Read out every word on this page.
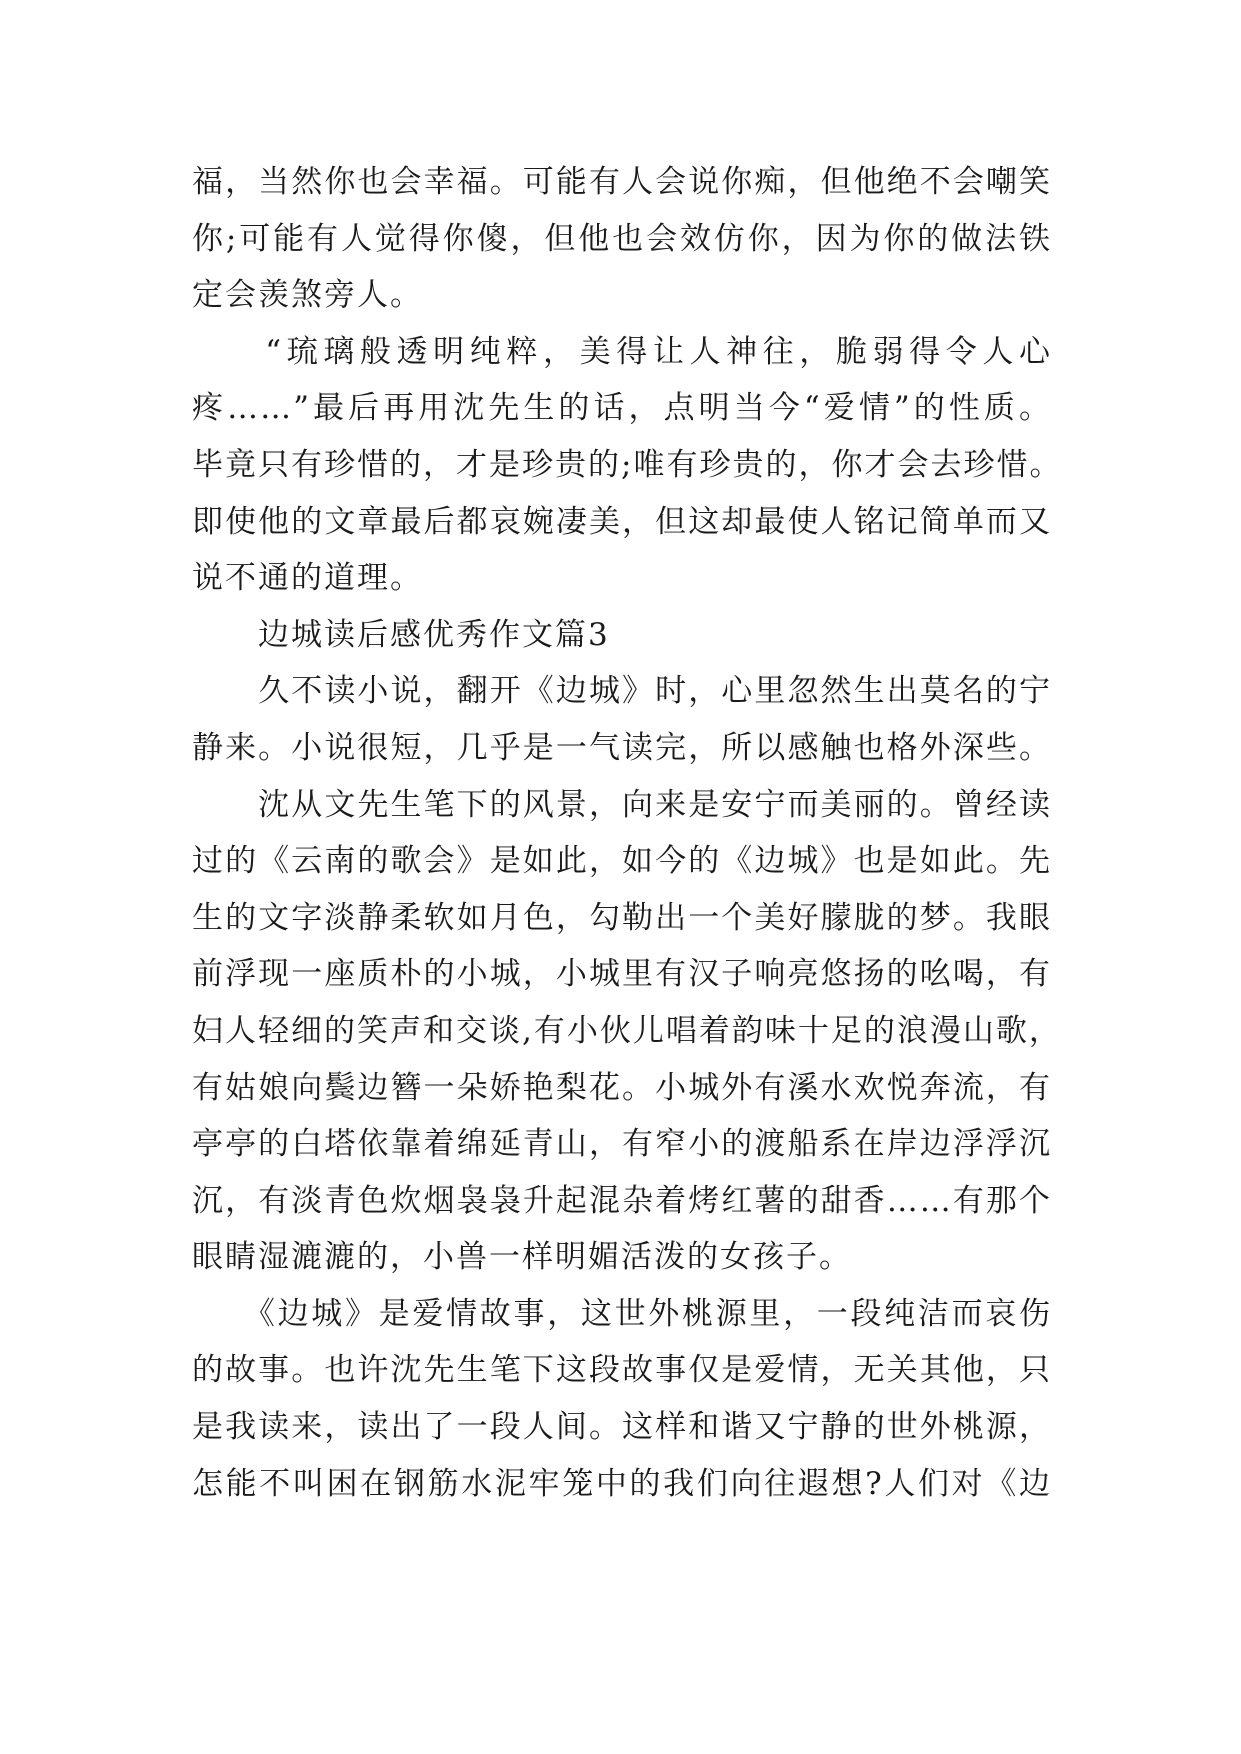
福，当然你也会幸福。可能有人会说你痴，但他绝不会嘲笑
你;可能有人觉得你傻，但他也会效仿你，因为你的做法铁
定会羡煞旁人。
　　“琉璃般透明纯粹，美得让人神往，脆弱得令人心
疼……”最后再用沈先生的话，点明当今“爱情”的性质。
毕竟只有珍惜的，才是珍贵的;唯有珍贵的，你才会去珍惜。
即使他的文章最后都哀婉凄美，但这却最使人铭记简单而又
说不通的道理。
　　边城读后感优秀作文篇3
　　久不读小说，翻开《边城》时，心里忽然生出莫名的宁
静来。小说很短，几乎是一气读完，所以感触也格外深些。
　　沈从文先生笔下的风景，向来是安宁而美丽的。曾经读
过的《云南的歌会》是如此，如今的《边城》也是如此。先
生的文字淡静柔软如月色，勾勒出一个美好朦胧的梦。我眼
前浮现一座质朴的小城，小城里有汉子响亮悠扬的吆喝，有
妇人轻细的笑声和交谈,有小伙儿唱着韵味十足的浪漫山歌，
有姑娘向鬓边簪一朵娇艳梨花。小城外有溪水欢悦奔流，有
亭亭的白塔依靠着绵延青山，有窄小的渡船系在岸边浮浮沉
沉，有淡青色炊烟袅袅升起混杂着烤红薯的甜香……有那个
眼睛湿漉漉的，小兽一样明媚活泼的女孩子。
　　《边城》是爱情故事，这世外桃源里，一段纯洁而哀伤
的故事。也许沈先生笔下这段故事仅是爱情，无关其他，只
是我读来，读出了一段人间。这样和谐又宁静的世外桃源，
怎能不叫困在钢筋水泥牢笼中的我们向往遐想?人们对《边
